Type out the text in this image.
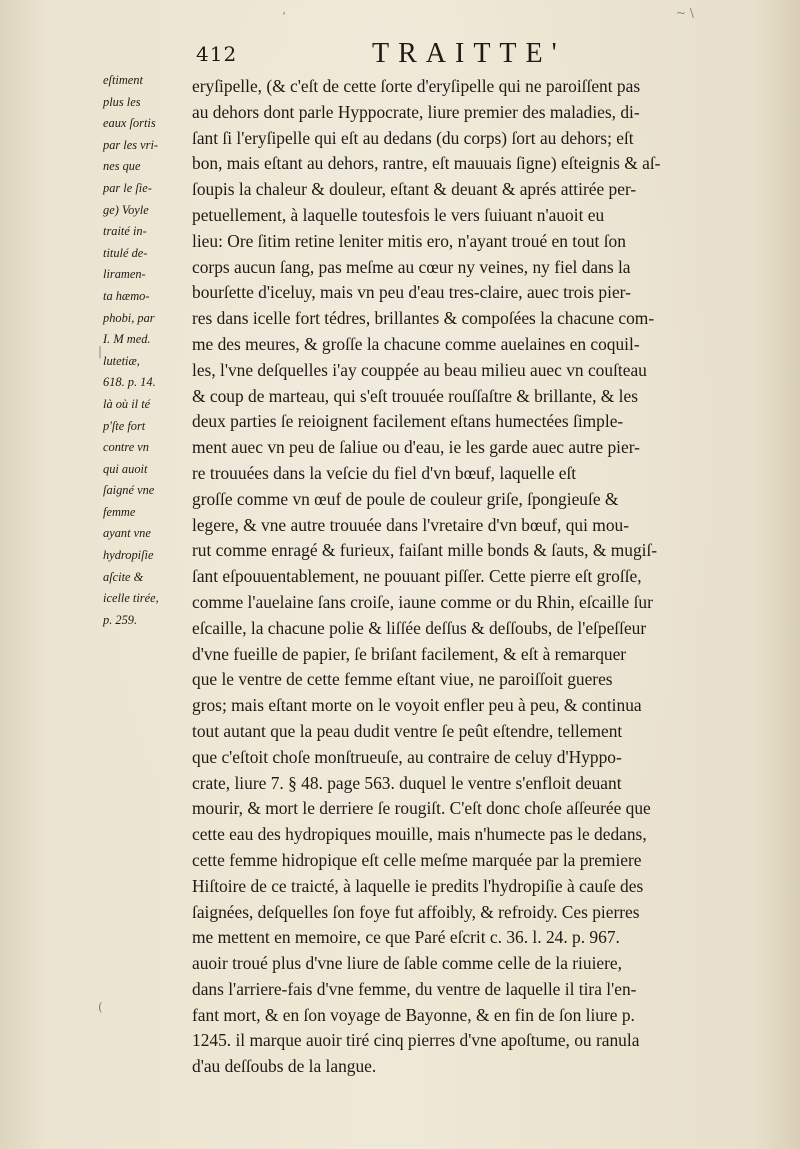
’	~ \
|
(
412	TRAITTE'
eſtiment
plus les
eaux ſortis
par les vri-
nes que
par le ſie-
ge) Voyle
traité in-
titulé de-
liramen-
ta hæmo-
phobi, par
I. M med.
lutetiæ,
618. p. 14.
là où il té
p'ſte fort
contre vn
qui auoit
ſaigné vne
femme
ayant vne
hydropiſie
aſcite &
icelle tirée,
p. 259.
eryſipelle, (& c'eſt de cette ſorte d'eryſipelle qui ne paroiſſent pas
au dehors dont parle Hyppocrate, liure premier des maladies, di-
ſant ſi l'eryſipelle qui eſt au dedans (du corps) ſort au dehors; eſt
bon, mais eſtant au dehors, rantre, eſt mauuais ſigne) eſteignis & aſ-
ſoupis la chaleur & douleur, eſtant & deuant & aprés attirée per-
petuellement, à laquelle toutesfois le vers ſuiuant n'auoit eu
lieu: Ore ſitim retine leniter mitis ero, n'ayant troué en tout ſon
corps aucun ſang, pas meſme au cœur ny veines, ny fiel dans la
bourſette d'iceluy, mais vn peu d'eau tres-claire, auec trois pier-
res dans icelle fort tédres, brillantes & compoſées la chacune com-
me des meures, & groſſe la chacune comme auelaines en coquil-
les, l'vne deſquelles i'ay couppée au beau milieu auec vn couſteau
& coup de marteau, qui s'eſt trouuée rouſſaſtre & brillante, & les
deux parties ſe reioignent facilement eſtans humectées ſimple-
ment auec vn peu de ſaliue ou d'eau, ie les garde auec autre pier-
re trouuées dans la veſcie du fiel d'vn bœuf, laquelle eſt
groſſe comme vn œuf de poule de couleur griſe, ſpongieuſe &
legere, & vne autre trouuée dans l'vretaire d'vn bœuf, qui mou-
rut comme enragé & furieux, faiſant mille bonds & ſauts, & mugiſ-
ſant eſpouuentablement, ne pouuant piſſer. Cette pierre eſt groſſe,
comme l'auelaine ſans croiſe, iaune comme or du Rhin, eſcaille ſur
eſcaille, la chacune polie & liſſée deſſus & deſſoubs, de l'eſpeſſeur
d'vne fueille de papier, ſe briſant facilement, & eſt à remarquer
que le ventre de cette femme eſtant viue, ne paroiſſoit gueres
gros; mais eſtant morte on le voyoit enfler peu à peu, & continua
tout autant que la peau dudit ventre ſe peût eſtendre, tellement
que c'eſtoit choſe monſtrueuſe, au contraire de celuy d'Hyppo-
crate, liure 7. § 48. page 563. duquel le ventre s'enfloit deuant
mourir, & mort le derriere ſe rougiſt. C'eſt donc choſe aſſeurée que
cette eau des hydropiques mouille, mais n'humecte pas le dedans,
cette femme hidropique eſt celle meſme marquée par la premiere
Hiſtoire de ce traicté, à laquelle ie predits l'hydropiſie à cauſe des
ſaignées, deſquelles ſon foye fut affoibly, & refroidy. Ces pierres
me mettent en memoire, ce que Paré eſcrit c. 36. l. 24. p. 967.
auoir troué plus d'vne liure de ſable comme celle de la riuiere,
dans l'arriere-fais d'vne femme, du ventre de laquelle il tira l'en-
fant mort, & en ſon voyage de Bayonne, & en fin de ſon liure p.
1245. il marque auoir tiré cinq pierres d'vne apoſtume, ou ranula
d'au deſſoubs de la langue.
